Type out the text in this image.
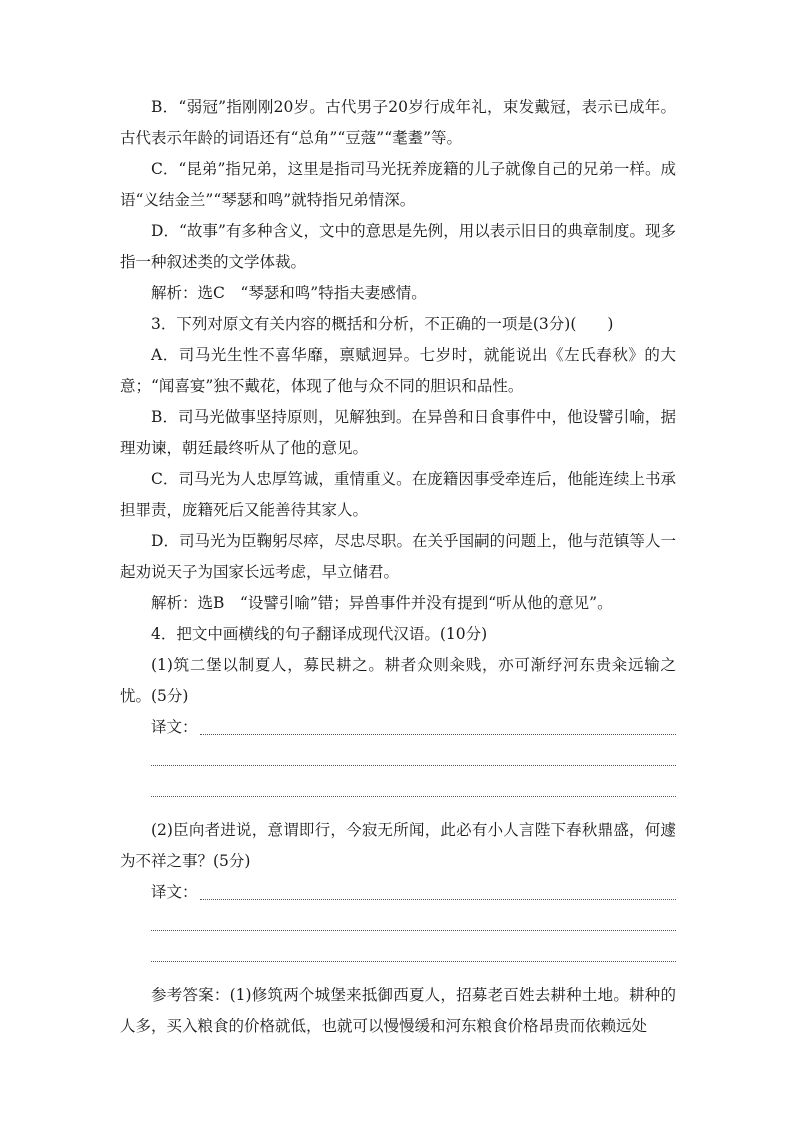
B．“弱冠”指刚刚20岁。古代男子20岁行成年礼，束发戴冠，表示已成年。古代表示年龄的词语还有“总角”“豆蔻”“耄耋”等。

C．“昆弟”指兄弟，这里是指司马光抚养庞籍的儿子就像自己的兄弟一样。成语“义结金兰”“琴瑟和鸣”就特指兄弟情深。

D．“故事”有多种含义，文中的意思是先例，用以表示旧日的典章制度。现多指一种叙述类的文学体裁。

解析：选C　“琴瑟和鸣”特指夫妻感情。

3．下列对原文有关内容的概括和分析，不正确的一项是(3分)(　　)

A．司马光生性不喜华靡，禀赋迥异。七岁时，就能说出《左氏春秋》的大意；“闻喜宴”独不戴花，体现了他与众不同的胆识和品性。

B．司马光做事坚持原则，见解独到。在异兽和日食事件中，他设譬引喻，据理劝谏，朝廷最终听从了他的意见。

C．司马光为人忠厚笃诚，重情重义。在庞籍因事受牵连后，他能连续上书承担罪责，庞籍死后又能善待其家人。

D．司马光为臣鞠躬尽瘁，尽忠尽职。在关乎国嗣的问题上，他与范镇等人一起劝说天子为国家长远考虑，早立储君。

解析：选B　“设譬引喻”错；异兽事件并没有提到“听从他的意见”。

4．把文中画横线的句子翻译成现代汉语。(10分)

(1)筑二堡以制夏人，募民耕之。耕者众则籴贱，亦可渐纾河东贵籴远输之忧。(5分)

译文：

(2)臣向者进说，意谓即行，今寂无所闻，此必有小人言陛下春秋鼎盛，何遽为不祥之事？(5分)

译文：

参考答案：(1)修筑两个城堡来抵御西夏人，招募老百姓去耕种土地。耕种的人多，买入粮食的价格就低，也就可以慢慢缓和河东粮食价格昂贵而依赖远处
